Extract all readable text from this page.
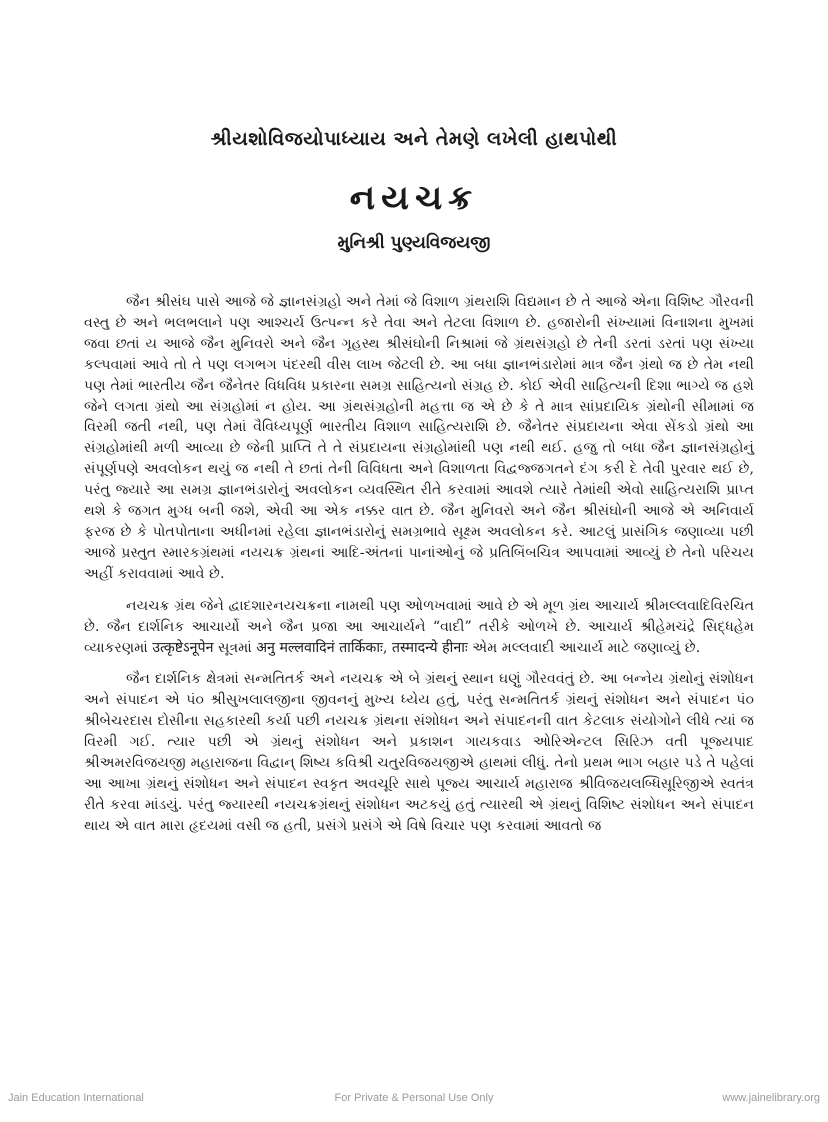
શ્રીયશોવિજયોપાધ્યાય અને તેમણે લખેલી હાથપોથી
નયચક્ર
મુનિશ્રી પુણ્યવિજયજી

જૈન શ્રીસંઘ પાસે આજે જે જ્ઞાનસંગ્રહો અને તેમાં જે વિશાળ ગ્રંથરાશિ વિદ્યમાન છે તે આજે એના વિશિષ્ટ ગૌરવની વસ્તુ છે અને ભલભલાને પણ આશ્ચર્ય ઉત્પન્ન કરે તેવા અને તેટલા વિશાળ છે. હજારોની સંખ્યામાં વિનાશના મુખમાં જવા છતાં ય આજે જૈન મુનિવરો અને જૈન ગૃહસ્થ શ્રીસંઘોની નિશ્રામાં જે ગ્રંથસંગ્રહો છે તેની ડરતાં ડરતાં પણ સંખ્યા કલ્પવામાં આવે તો તે પણ લગભગ પંદરથી વીસ લાખ જેટલી છે. આ બધા જ્ઞાનભંડારોમાં માત્ર જૈન ગ્રંથો જ છે તેમ નથી પણ તેમાં ભારતીય જૈન જૈનેતર વિધવિધ પ્રકારના સમગ્ર સાહિત્યનો સંગ્રહ છે. કોઈ એવી સાહિત્યની દિશા ભાગ્યે જ હશે જેને લગતા ગ્રંથો આ સંગ્રહોમાં ન હોય. આ ગ્રંથસંગ્રહોની મહત્તા જ એ છે કે તે માત્ર સાંપ્રદાયિક ગ્રંથોની સીમામાં જ વિરમી જતી નથી, પણ તેમાં વૈવિધ્યપૂર્ણ ભારતીય વિશાળ સાહિત્યરાશિ છે. જૈનેતર સંપ્રદાયના એવા સેંકડો ગ્રંથો આ સંગ્રહોમાંથી મળી આવ્યા છે જેની પ્રાપ્તિ તે તે સંપ્રદાયના સંગ્રહોમાંથી પણ નથી થઈ. હજુ તો બધા જૈન જ્ઞાનસંગ્રહોનું સંપૂર્ણપણે અવલોકન થયું જ નથી તે છતાં તેની વિવિધતા અને વિશાળતા વિદ્વજ્જગતને દંગ કરી દે તેવી પુરવાર થઈ છે, પરંતુ જ્યારે આ સમગ્ર જ્ઞાનભંડારોનું અવલોકન વ્યવસ્થિત રીતે કરવામાં આવશે ત્યારે તેમાંથી એવો સાહિત્યરાશિ પ્રાપ્ત થશે કે જગત મુગ્ધ બની જશે, એવી આ એક નક્કર વાત છે. જૈન મુનિવરો અને જૈન શ્રીસંઘોની આજે એ અનિવાર્ય ફરજ છે કે પોતપોતાના અધીનમાં રહેલા જ્ઞાનભંડારોનું સમગ્રભાવે સૂક્ષ્મ અવલોકન કરે. આટલું પ્રાસંગિક જણાવ્યા પછી આજે પ્રસ્તુત સ્મારકગ્રંથમાં નયચક્ર ગ્રંથનાં આદિ-અંતનાં પાનાંઓનું જે પ્રતિબિંબચિત્ર આપવામાં આવ્યું છે તેનો પરિચય અહીં કરાવવામાં આવે છે.

નયચક્ર ગ્રંથ જેને દ્વાદશારનયચક્રના નામથી પણ ઓળખવામાં આવે છે એ મૂળ ગ્રંથ આચાર્ય શ્રીમલ્લવાદિવિરચિત છે. જૈન દાર્શનિક આચાર્યો અને જૈન પ્રજા આ આચાર્યને “વાદી” તરીકે ઓળખે છે. આચાર્ય શ્રીહેમચંદ્રે સિદ્ધહેમ વ્યાકરણમાં उत्कृष्टेऽनूपेन સૂત્રમાં अनु मल्लवादिनं तार्किकाः, तस्मादन्ये हीनाः એમ મલ્લવાદી આચાર્ય માટે જણાવ્યું છે.

જૈન દાર્શનિક ક્ષેત્રમાં સન્મતિતર્ક અને નયચક્ર એ બે ગ્રંથનું સ્થાન ઘણું ગૌરવવંતું છે. આ બન્નેય ગ્રંથોનું સંશોધન અને સંપાદન એ પં૦ શ્રીસુખલાલજીના જીવનનું મુખ્ય ધ્યેય હતું, પરંતુ સન્મતિતર્ક ગ્રંથનું સંશોધન અને સંપાદન પં૦ શ્રીબેચરદાસ દોસીના સહકારથી કર્યા પછી નયચક્ર ગ્રંથના સંશોધન અને સંપાદનની વાત કેટલાક સંયોગોને લીધે ત્યાં જ વિરમી ગઈ. ત્યાર પછી એ ગ્રંથનું સંશોધન અને પ્રકાશન ગાયકવાડ ઓરિએન્ટલ સિરિઝ વતી પૂજ્યપાદ શ્રીઅમરવિજયજી મહારાજના વિદ્વાન્ શિષ્ય કવિશ્રી ચતુરવિજયજીએ હાથમાં લીધું. તેનો પ્રથમ ભાગ બહાર પડે તે પહેલાં આ આખા ગ્રંથનું સંશોધન અને સંપાદન સ્વકૃત અવચૂરિ સાથે પૂજ્ય આચાર્ય મહારાજ શ્રીવિજયલબ્ધિસૂરિજીએ સ્વતંત્ર રીતે કરવા માંડયું. પરંતુ જ્યારથી નયચક્રગ્રંથનું સંશોધન અટકયું હતું ત્યારથી એ ગ્રંથનું વિશિષ્ટ સંશોધન અને સંપાદન થાય એ વાત મારા હૃદયમાં વસી જ હતી, પ્રસંગે પ્રસંગે એ વિષે વિચાર પણ કરવામાં આવતો જ

Jain Education International	For Private & Personal Use Only	www.jainelibrary.org
